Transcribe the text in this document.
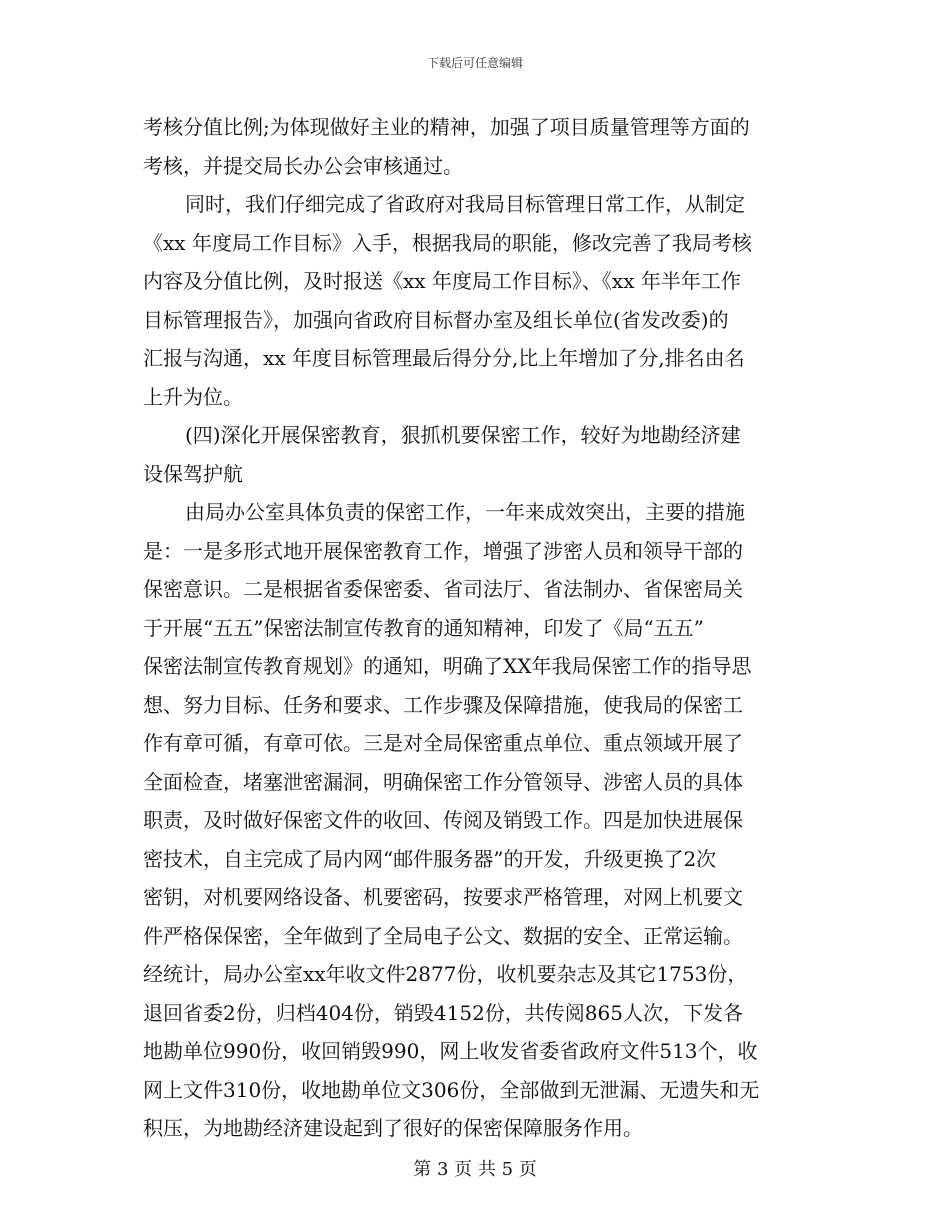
下载后可任意编辑
考核分值比例;为体现做好主业的精神，加强了项目质量管理等方面的
考核，并提交局长办公会审核通过。
同时，我们仔细完成了省政府对我局目标管理日常工作，从制定
《xx 年度局工作目标》入手，根据我局的职能，修改完善了我局考核
内容及分值比例，及时报送《xx 年度局工作目标》、《xx 年半年工作
目标管理报告》，加强向省政府目标督办室及组长单位(省发改委)的
汇报与沟通，xx 年度目标管理最后得分分,比上年增加了分,排名由名
上升为位。
(四)深化开展保密教育，狠抓机要保密工作，较好为地勘经济建
设保驾护航
由局办公室具体负责的保密工作，一年来成效突出，主要的措施
是：一是多形式地开展保密教育工作，增强了涉密人员和领导干部的
保密意识。二是根据省委保密委、省司法厅、省法制办、省保密局关
于开展“五五”保密法制宣传教育的通知精神，印发了《局“五五”
保密法制宣传教育规划》的通知，明确了XX年我局保密工作的指导思
想、努力目标、任务和要求、工作步骤及保障措施，使我局的保密工
作有章可循，有章可依。三是对全局保密重点单位、重点领域开展了
全面检查，堵塞泄密漏洞，明确保密工作分管领导、涉密人员的具体
职责，及时做好保密文件的收回、传阅及销毁工作。四是加快进展保
密技术，自主完成了局内网“邮件服务器”的开发，升级更换了2次
密钥，对机要网络设备、机要密码，按要求严格管理，对网上机要文
件严格保保密，全年做到了全局电子公文、数据的安全、正常运输。
经统计，局办公室xx年收文件2877份，收机要杂志及其它1753份，
退回省委2份，归档404份，销毁4152份，共传阅865人次，下发各
地勘单位990份，收回销毁990，网上收发省委省政府文件513个，收
网上文件310份，收地勘单位文306份，全部做到无泄漏、无遗失和无
积压，为地勘经济建设起到了很好的保密保障服务作用。
第 3 页 共 5 页
